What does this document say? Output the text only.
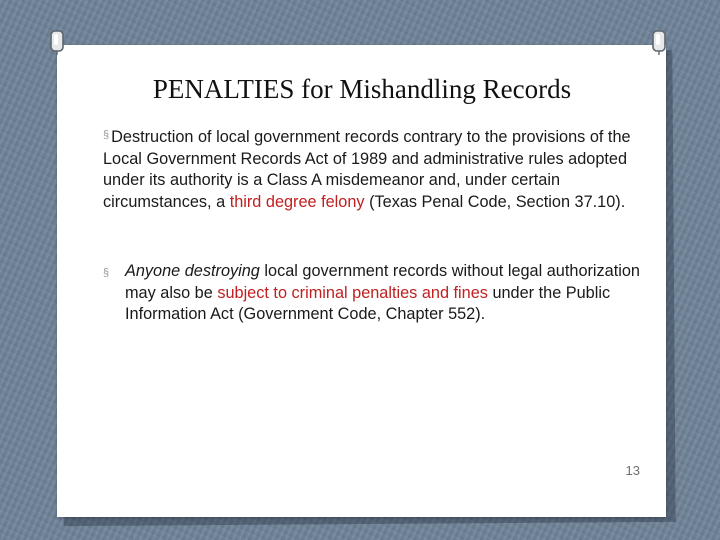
PENALTIES for Mishandling Records

§ Destruction of local government records contrary to the provisions of the Local Government Records Act of 1989 and administrative rules adopted under its authority is a Class A misdemeanor and, under certain circumstances, a third degree felony (Texas Penal Code, Section 37.10).

§ Anyone destroying local government records without legal authorization may also be subject to criminal penalties and fines under the Public Information Act (Government Code, Chapter 552).

13
